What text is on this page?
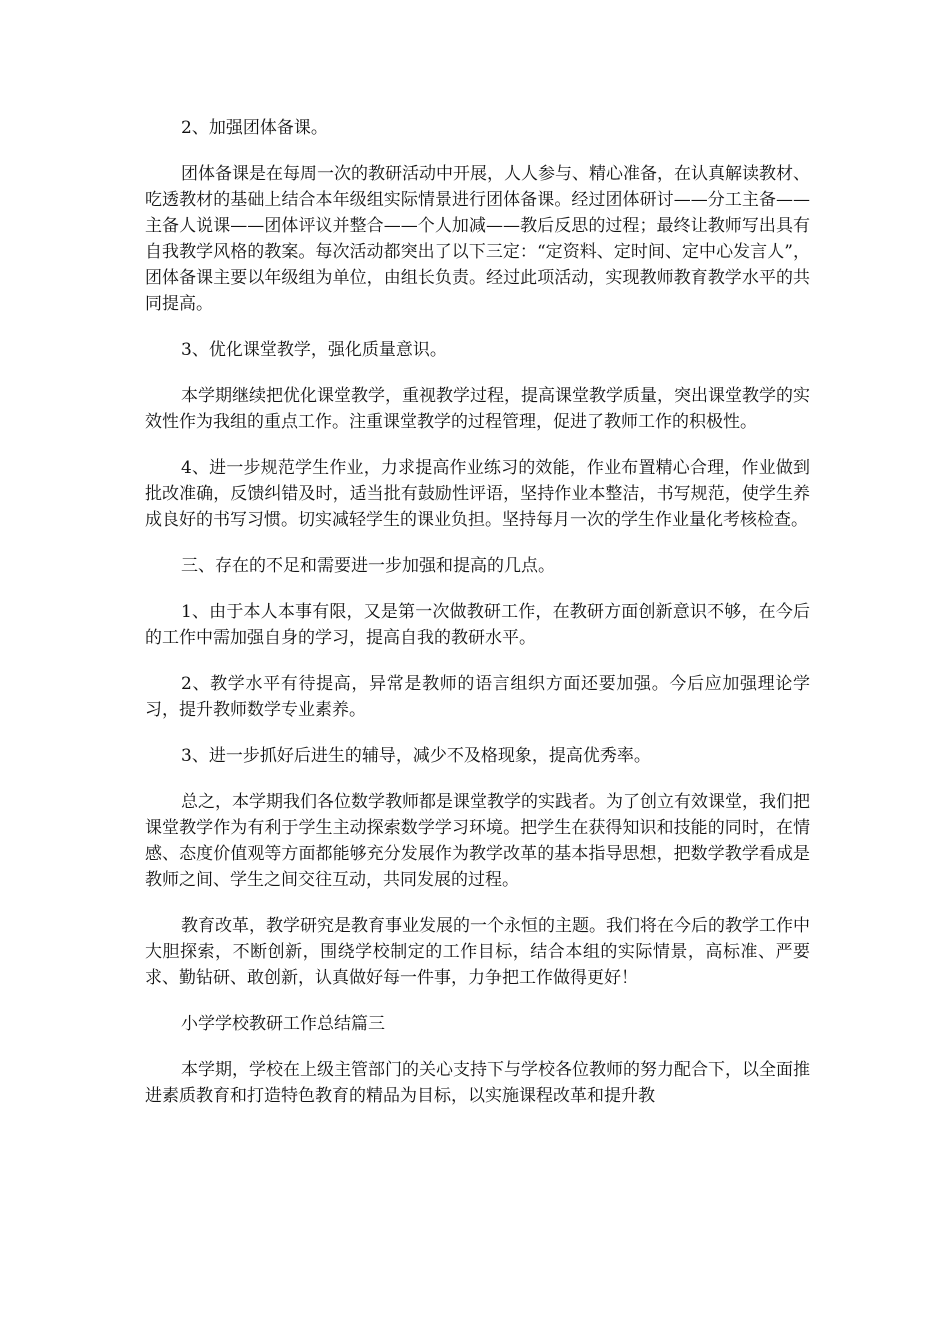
2、加强团体备课。

团体备课是在每周一次的教研活动中开展，人人参与、精心准备，在认真解读教材、吃透教材的基础上结合本年级组实际情景进行团体备课。经过团体研讨——分工主备——主备人说课——团体评议并整合——个人加减——教后反思的过程；最终让教师写出具有自我教学风格的教案。每次活动都突出了以下三定：“定资料、定时间、定中心发言人”，团体备课主要以年级组为单位，由组长负责。经过此项活动，实现教师教育教学水平的共同提高。

3、优化课堂教学，强化质量意识。

本学期继续把优化课堂教学，重视教学过程，提高课堂教学质量，突出课堂教学的实效性作为我组的重点工作。注重课堂教学的过程管理，促进了教师工作的积极性。

4、进一步规范学生作业，力求提高作业练习的效能，作业布置精心合理，作业做到批改准确，反馈纠错及时，适当批有鼓励性评语，坚持作业本整洁，书写规范，使学生养成良好的书写习惯。切实减轻学生的课业负担。坚持每月一次的学生作业量化考核检查。

三、存在的不足和需要进一步加强和提高的几点。

1、由于本人本事有限，又是第一次做教研工作，在教研方面创新意识不够，在今后的工作中需加强自身的学习，提高自我的教研水平。

2、教学水平有待提高，异常是教师的语言组织方面还要加强。今后应加强理论学习，提升教师数学专业素养。

3、进一步抓好后进生的辅导，减少不及格现象，提高优秀率。

总之，本学期我们各位数学教师都是课堂教学的实践者。为了创立有效课堂，我们把课堂教学作为有利于学生主动探索数学学习环境。把学生在获得知识和技能的同时，在情感、态度价值观等方面都能够充分发展作为教学改革的基本指导思想，把数学教学看成是教师之间、学生之间交往互动，共同发展的过程。

教育改革，教学研究是教育事业发展的一个永恒的主题。我们将在今后的教学工作中大胆探索，不断创新，围绕学校制定的工作目标，结合本组的实际情景，高标准、严要求、勤钻研、敢创新，认真做好每一件事，力争把工作做得更好！

小学学校教研工作总结篇三

本学期，学校在上级主管部门的关心支持下与学校各位教师的努力配合下，以全面推进素质教育和打造特色教育的精品为目标，以实施课程改革和提升教
